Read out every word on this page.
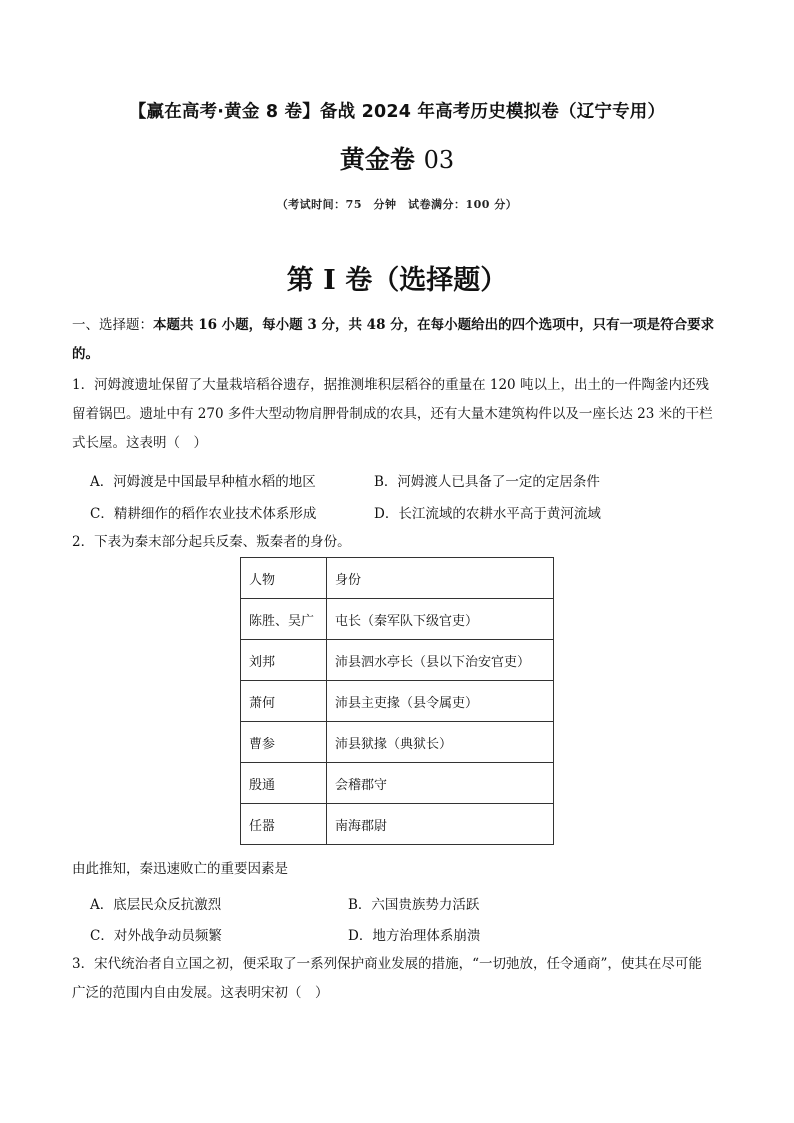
【赢在高考·黄金 8 卷】备战 2024 年高考历史模拟卷（辽宁专用）
黄金卷 03
（考试时间：75　分钟　试卷满分：100 分）
第 I 卷（选择题）

一、选择题：本题共 16 小题，每小题 3 分，共 48 分，在每小题给出的四个选项中，只有一项是符合要求

的。

1．河姆渡遗址保留了大量栽培稻谷遗存，据推测堆积层稻谷的重量在 120 吨以上，出土的一件陶釜内还残

留着锅巴。遗址中有 270 多件大型动物肩胛骨制成的农具，还有大量木建筑构件以及一座长达 23 米的干栏

式长屋。这表明（　）

A．河姆渡是中国最早种植水稻的地区	B．河姆渡人已具备了一定的定居条件
C．精耕细作的稻作农业技术体系形成	D．长江流域的农耕水平高于黄河流域

2．下表为秦末部分起兵反秦、叛秦者的身份。

人物	身份
陈胜、吴广	屯长（秦军队下级官吏）
刘邦	沛县泗水亭长（县以下治安官吏）
萧何	沛县主吏掾（县令属吏）
曹参	沛县狱掾（典狱长）
殷通	会稽郡守
任嚣	南海郡尉

由此推知，秦迅速败亡的重要因素是

A．底层民众反抗激烈	B．六国贵族势力活跃
C．对外战争动员频繁	D．地方治理体系崩溃

3．宋代统治者自立国之初，便采取了一系列保护商业发展的措施，“一切弛放，任令通商”，使其在尽可能

广泛的范围内自由发展。这表明宋初（　）
